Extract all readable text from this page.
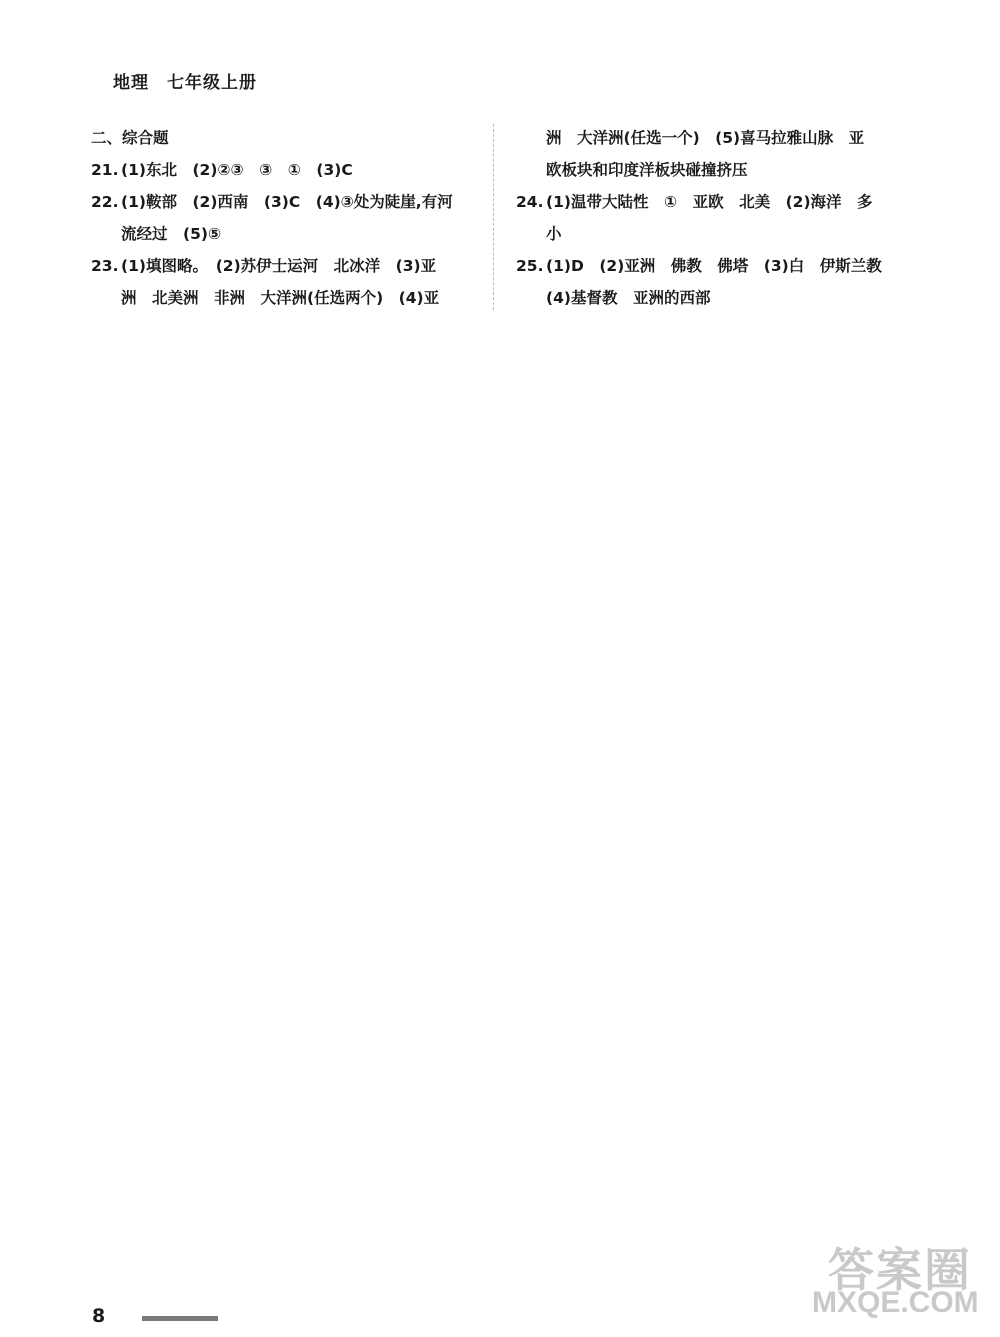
地理　七年级上册
二、综合题
21. (1)东北　(2)②③　③　①　(3)C
22. (1)鞍部　(2)西南　(3)C　(4)③处为陡崖,有河
流经过　(5)⑤
23. (1)填图略。　(2)苏伊士运河　北冰洋　(3)亚
洲　北美洲　非洲　大洋洲(任选两个)　(4)亚
洲　大洋洲(任选一个)　(5)喜马拉雅山脉　亚
欧板块和印度洋板块碰撞挤压
24. (1)温带大陆性　①　亚欧　北美　(2)海洋　多
小
25. (1)D　(2)亚洲　佛教　佛塔　(3)白　伊斯兰教
(4)基督教　亚洲的西部
8
答案圈
MXQE.COM
